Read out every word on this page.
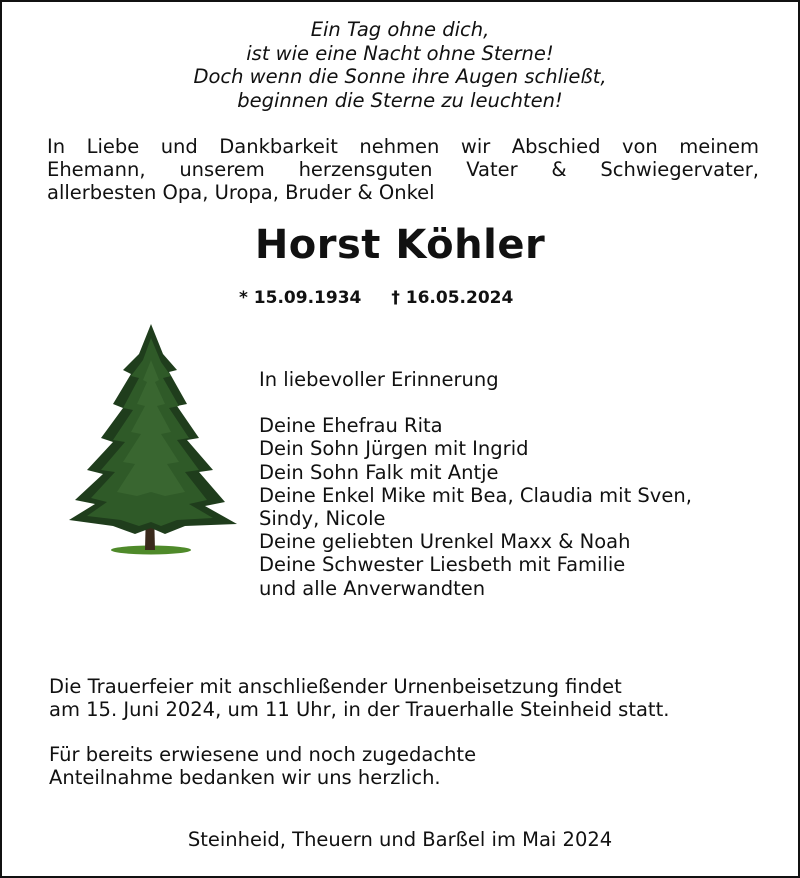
Ein Tag ohne dich,
ist wie eine Nacht ohne Sterne!
Doch wenn die Sonne ihre Augen schließt,
beginnen die Sterne zu leuchten!
In Liebe und Dankbarkeit nehmen wir Abschied von meinem
Ehemann, unserem herzensguten Vater & Schwiegervater,
allerbesten Opa, Uropa, Bruder & Onkel
Horst Köhler
* 15.09.1934 † 16.05.2024
In liebevoller Erinnerung
Deine Ehefrau Rita
Dein Sohn Jürgen mit Ingrid
Dein Sohn Falk mit Antje
Deine Enkel Mike mit Bea, Claudia mit Sven,
Sindy, Nicole
Deine geliebten Urenkel Maxx & Noah
Deine Schwester Liesbeth mit Familie
und alle Anverwandten
Die Trauerfeier mit anschließender Urnenbeisetzung findet
am 15. Juni 2024, um 11 Uhr, in der Trauerhalle Steinheid statt.
Für bereits erwiesene und noch zugedachte
Anteilnahme bedanken wir uns herzlich.
Steinheid, Theuern und Barßel im Mai 2024
